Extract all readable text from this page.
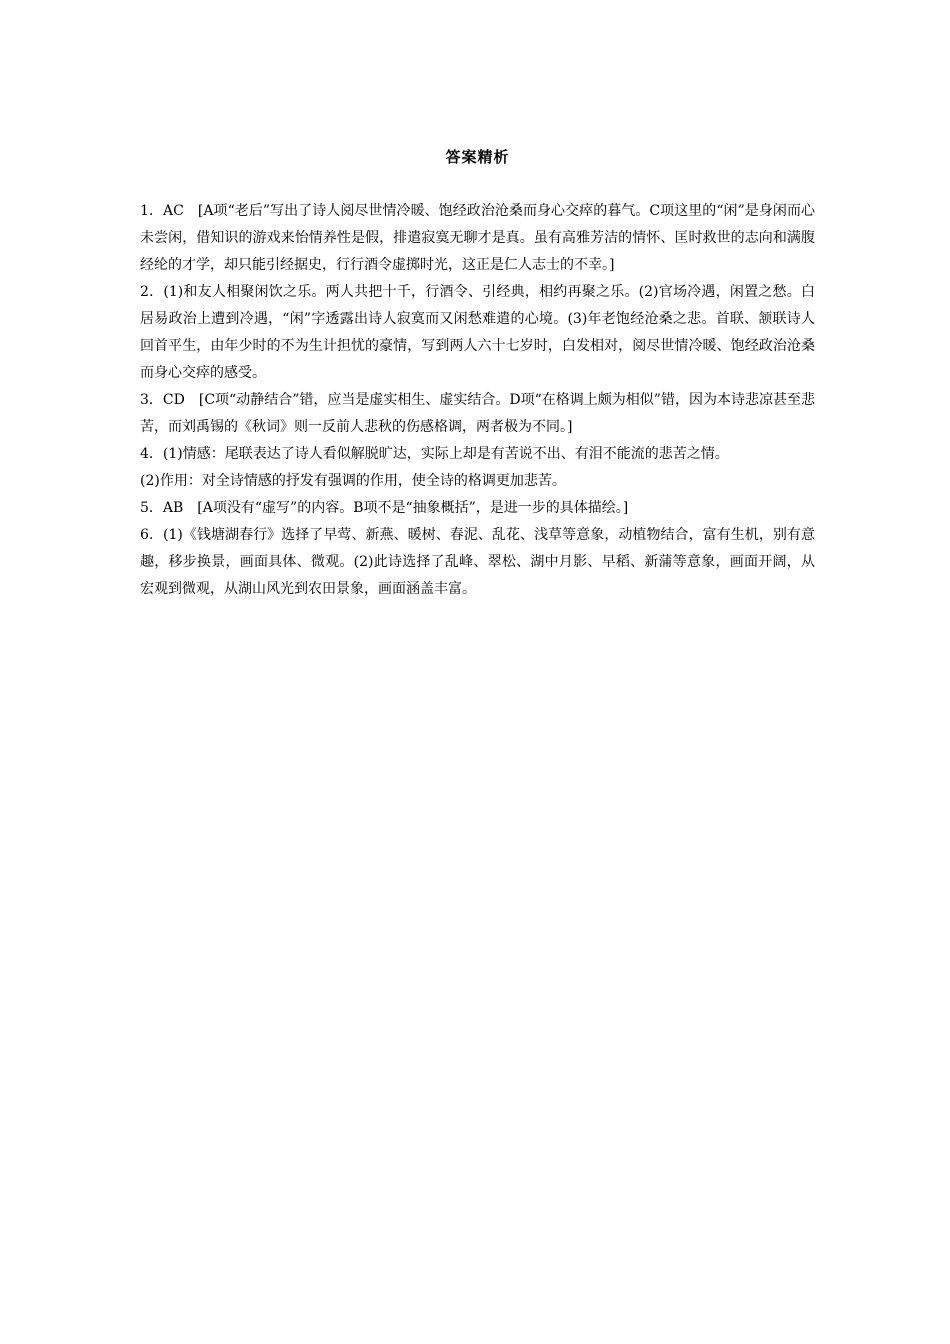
答案精析

1．AC　[A项“老后”写出了诗人阅尽世情冷暖、饱经政治沧桑而身心交瘁的暮气。C项这里的“闲”是身闲而心未尝闲，借知识的游戏来怡情养性是假，排遣寂寞无聊才是真。虽有高雅芳洁的情怀、匡时救世的志向和满腹经纶的才学，却只能引经据史，行行酒令虚掷时光，这正是仁人志士的不幸。]

2．(1)和友人相聚闲饮之乐。两人共把十千，行酒令、引经典，相约再聚之乐。(2)官场冷遇，闲置之愁。白居易政治上遭到冷遇，“闲”字透露出诗人寂寞而又闲愁难遣的心境。(3)年老饱经沧桑之悲。首联、颔联诗人回首平生，由年少时的不为生计担忧的豪情，写到两人六十七岁时，白发相对，阅尽世情冷暖、饱经政治沧桑而身心交瘁的感受。

3．CD　[C项“动静结合”错，应当是虚实相生、虚实结合。D项“在格调上颇为相似”错，因为本诗悲凉甚至悲苦，而刘禹锡的《秋词》则一反前人悲秋的伤感格调，两者极为不同。]

4．(1)情感：尾联表达了诗人看似解脱旷达，实际上却是有苦说不出、有泪不能流的悲苦之情。

(2)作用：对全诗情感的抒发有强调的作用，使全诗的格调更加悲苦。

5．AB　[A项没有“虚写”的内容。B项不是“抽象概括”，是进一步的具体描绘。]

6．(1)《钱塘湖春行》选择了早莺、新燕、暖树、春泥、乱花、浅草等意象，动植物结合，富有生机，别有意趣，移步换景，画面具体、微观。(2)此诗选择了乱峰、翠松、湖中月影、早稻、新蒲等意象，画面开阔，从宏观到微观，从湖山风光到农田景象，画面涵盖丰富。
